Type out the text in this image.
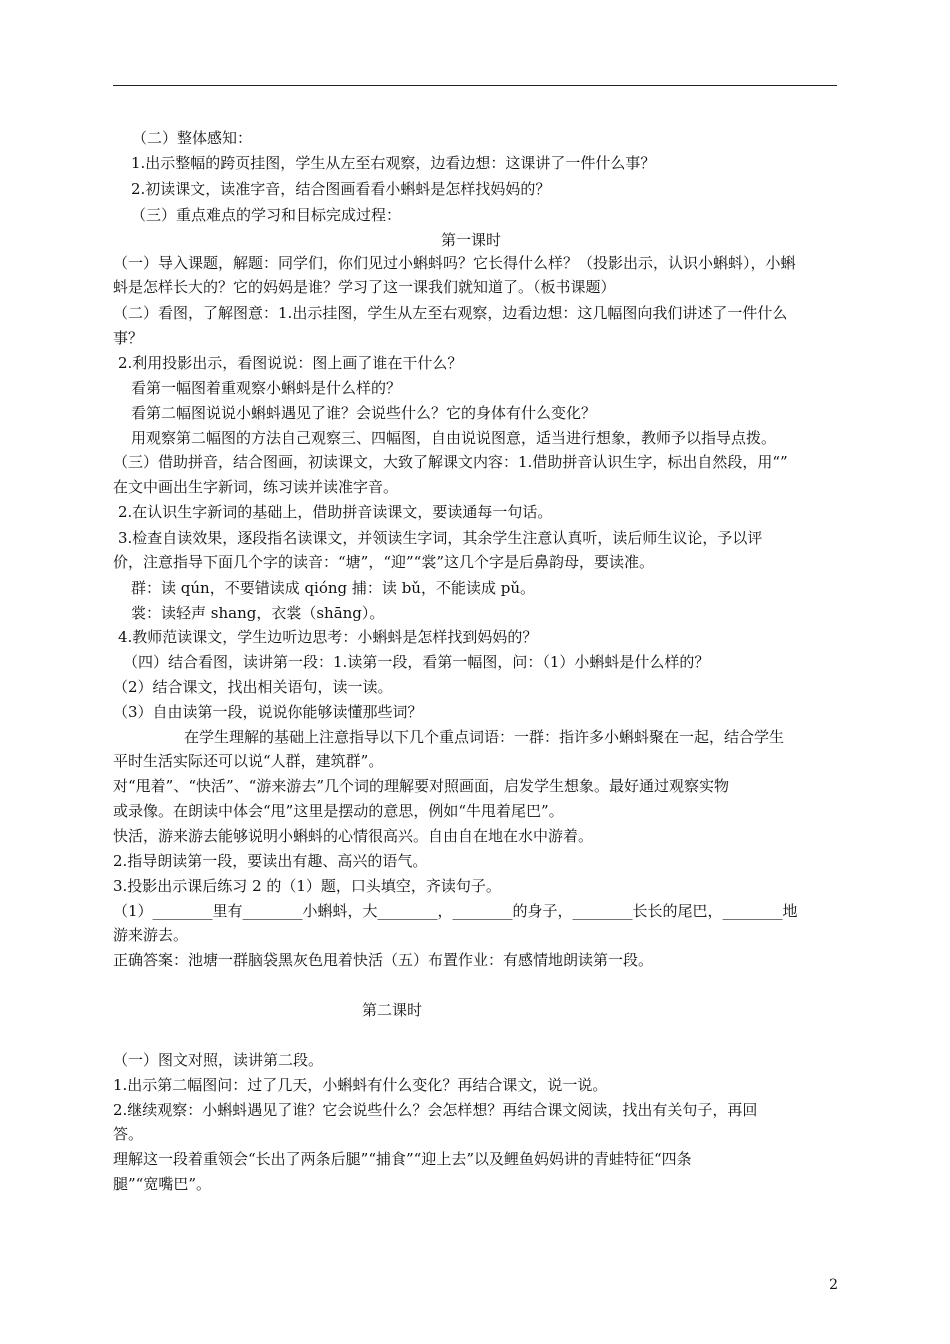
（二）整体感知：
1.出示整幅的跨页挂图，学生从左至右观察，边看边想：这课讲了一件什么事？
2.初读课文，读准字音，结合图画看看小蝌蚪是怎样找妈妈的？
（三）重点难点的学习和目标完成过程：
第一课时
（一）导入课题，解题：同学们，你们见过小蝌蚪吗？它长得什么样？（投影出示，认识小蝌蚪），小蝌
蚪是怎样长大的？它的妈妈是谁？学习了这一课我们就知道了。（板书课题）
（二）看图，了解图意：1.出示挂图，学生从左至右观察，边看边想：这几幅图向我们讲述了一件什么
事？
2.利用投影出示，看图说说：图上画了谁在干什么？
看第一幅图着重观察小蝌蚪是什么样的？
看第二幅图说说小蝌蚪遇见了谁？会说些什么？它的身体有什么变化？
用观察第二幅图的方法自己观察三、四幅图，自由说说图意，适当进行想象，教师予以指导点拨。
（三）借助拼音，结合图画，初读课文，大致了解课文内容：1.借助拼音认识生字，标出自然段，用“”
在文中画出生字新词，练习读并读准字音。
2.在认识生字新词的基础上，借助拼音读课文，要读通每一句话。
3.检查自读效果，逐段指名读课文，并领读生字词，其余学生注意认真听，读后师生议论，予以评
价，注意指导下面几个字的读音：“塘”，“迎”“裳”这几个字是后鼻韵母，要读准。
群：读 qún，不要错读成 qióng 捕：读 bǔ，不能读成 pǔ。
裳：读轻声 shang，衣裳（shāng）。
4.教师范读课文，学生边听边思考：小蝌蚪是怎样找到妈妈的？
（四）结合看图，读讲第一段：1.读第一段，看第一幅图，问：（1）小蝌蚪是什么样的？
（2）结合课文，找出相关语句，读一读。
（3）自由读第一段，说说你能够读懂那些词？
在学生理解的基础上注意指导以下几个重点词语：一群：指许多小蝌蚪聚在一起，结合学生
平时生活实际还可以说“人群，建筑群”。
对“甩着”、“快活”、“游来游去”几个词的理解要对照画面，启发学生想象。最好通过观察实物
或录像。在朗读中体会“甩”这里是摆动的意思，例如“牛甩着尾巴”。
快活，游来游去能够说明小蝌蚪的心情很高兴。自由自在地在水中游着。
2.指导朗读第一段，要读出有趣、高兴的语气。
3.投影出示课后练习 2 的（1）题，口头填空，齐读句子。
（1）________里有________小蝌蚪，大________，________的身子，________长长的尾巴，________地
游来游去。
正确答案：池塘一群脑袋黑灰色甩着快活（五）布置作业：有感情地朗读第一段。
第二课时
（一）图文对照，读讲第二段。
1.出示第二幅图问：过了几天，小蝌蚪有什么变化？再结合课文，说一说。
2.继续观察：小蝌蚪遇见了谁？它会说些什么？会怎样想？再结合课文阅读，找出有关句子，再回
答。
理解这一段着重领会“长出了两条后腿”“捕食”“迎上去”以及鲤鱼妈妈讲的青蛙特征“四条
腿”“宽嘴巴”。
2
